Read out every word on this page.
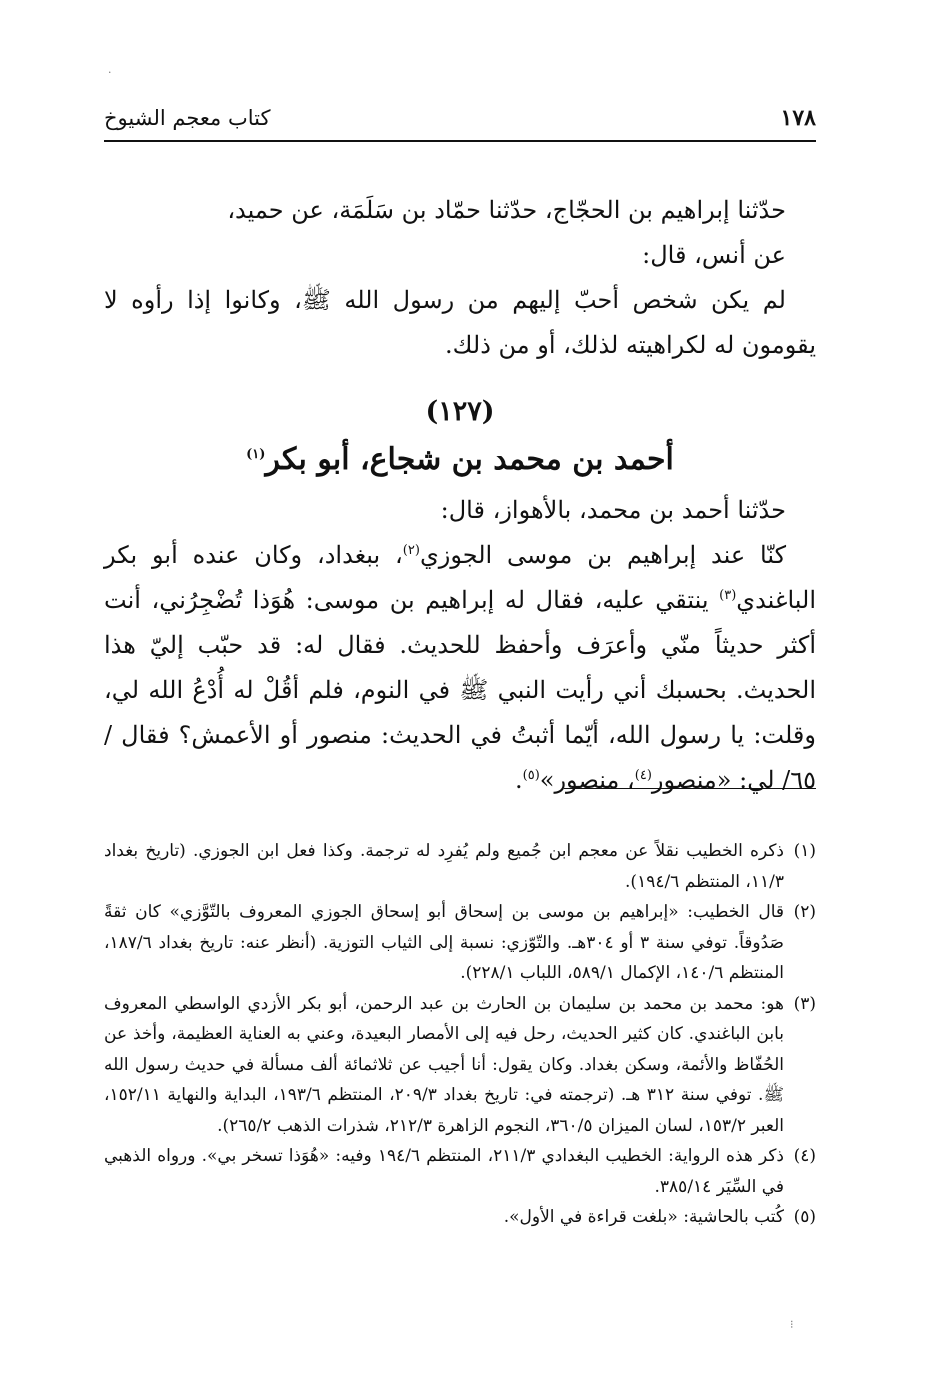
١٧٨
كتاب معجم الشيوخ

حدّثنا إبراهيم بن الحجّاج، حدّثنا حمّاد بن سَلَمَة، عن حميد،

عن أنس، قال:

لم يكن شخص أحبّ إليهم من رسول الله ﷺ، وكانوا إذا رأوه لا يقومون له لكراهيته لذلك، أو من ذلك.

(١٢٧)
أحمد بن محمد بن شجاع، أبو بكر$^{(١)}$

حدّثنا أحمد بن محمد، بالأهواز، قال:

كنّا عند إبراهيم بن موسى الجوزي$^{(٢)}$، ببغداد، وكان عنده أبو بكر الباغندي$^{(٣)}$ ينتقي عليه، فقال له إبراهيم بن موسى: هُوَذا تُضْجِرُني، أنت أكثر حديثاً منّي وأعرَف وأحفظ للحديث. فقال له: قد حبّب إليّ هذا الحديث. بحسبك أني رأيت النبي ﷺ في النوم، فلم أقُلْ له أُدْعُ الله لي، وقلت: يا رسول الله، أيّما أثبتُ في الحديث: منصور أو الأعمش؟ فقال /٦٥/ لي: «منصور$^{(٤)}$، منصور»$^{(٥)}$.

(١)
ذكره الخطيب نقلاً عن معجم ابن جُميع ولم يُفرِد له ترجمة. وكذا فعل ابن الجوزي. (تاريخ بغداد ١١/٣، المنتظم ١٩٤/٦).
(٢)
قال الخطيب: «إبراهيم بن موسى بن إسحاق أبو إسحاق الجوزي المعروف بالتّوَّزي» كان ثقةً صَدُوقاً. توفي سنة ٣ أو ٣٠٤هـ. والتّوّزي: نسبة إلى الثياب التوزية. (أنظر عنه: تاريخ بغداد ١٨٧/٦، المنتظم ١٤٠/٦، الإكمال ٥٨٩/١، اللباب ٢٢٨/١).
(٣)
هو: محمد بن محمد بن سليمان بن الحارث بن عبد الرحمن، أبو بكر الأزدي الواسطي المعروف بابن الباغندي. كان كثير الحديث، رحل فيه إلى الأمصار البعيدة، وعني به العناية العظيمة، وأخذ عن الحُفّاظ والأئمة، وسكن بغداد. وكان يقول: أنا أجيب عن ثلاثمائة ألف مسألة في حديث رسول الله ﷺ. توفي سنة ٣١٢ هـ. (ترجمته في: تاريخ بغداد ٢٠٩/٣، المنتظم ١٩٣/٦، البداية والنهاية ١٥٢/١١، العبر ١٥٣/٢، لسان الميزان ٣٦٠/٥، النجوم الزاهرة ٢١٢/٣، شذرات الذهب ٢٦٥/٢).
(٤)
ذكر هذه الرواية: الخطيب البغدادي ٢١١/٣، المنتظم ١٩٤/٦ وفيه: «هُوَذا تسخر بي». ورواه الذهبي في السِّيَر ٣٨٥/١٤.
(٥)
كُتب بالحاشية: «بلغت قراءة في الأول».
·
⁝
